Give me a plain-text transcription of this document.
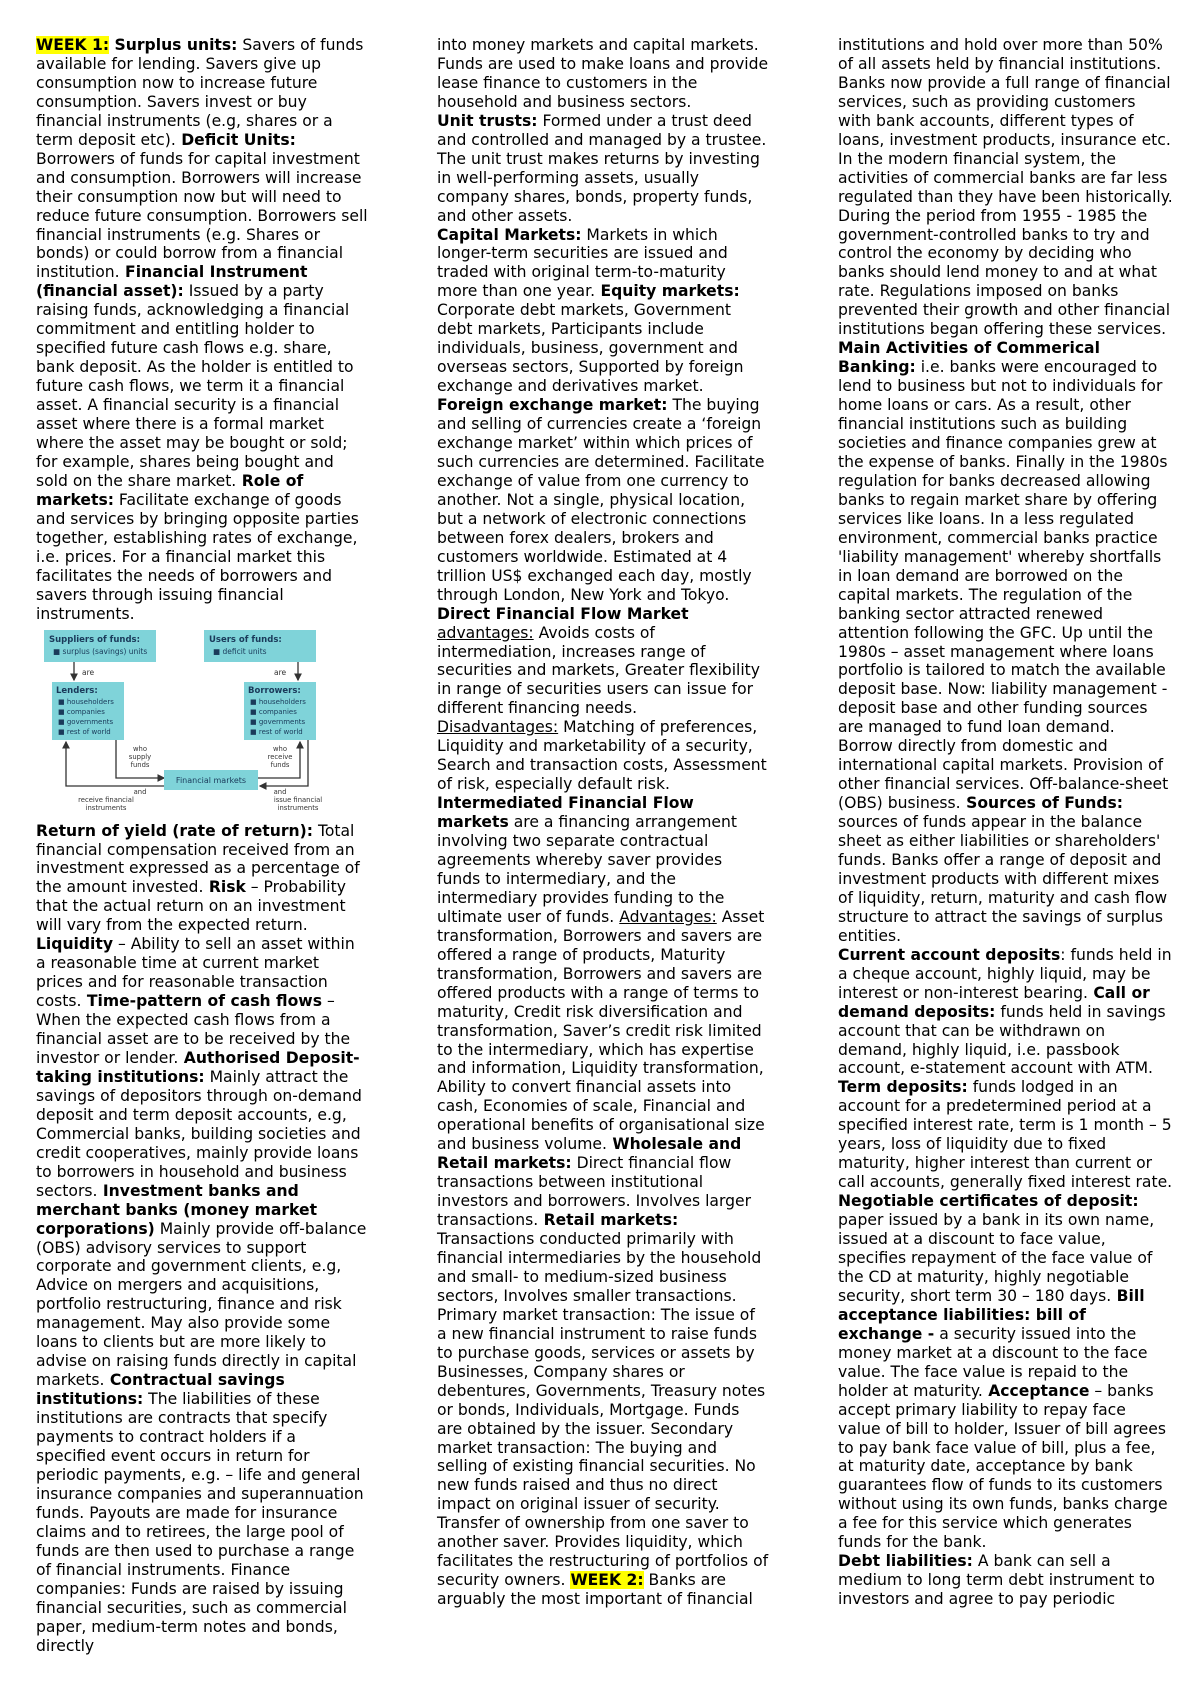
WEEK 1: Surplus units: Savers of funds available for lending. Savers give up consumption now to increase future consumption. Savers invest or buy financial instruments (e.g, shares or a term deposit etc). Deficit Units: Borrowers of funds for capital investment and consumption. Borrowers will increase their consumption now but will need to reduce future consumption. Borrowers sell financial instruments (e.g. Shares or bonds) or could borrow from a financial institution. Financial Instrument (financial asset): Issued by a party raising funds, acknowledging a financial commitment and entitling holder to specified future cash flows e.g. share, bank deposit. As the holder is entitled to future cash flows, we term it a financial asset. A financial security is a financial asset where there is a formal market where the asset may be bought or sold; for example, shares being bought and sold on the share market. Role of markets: Facilitate exchange of goods and services by bringing opposite parties together, establishing rates of exchange, i.e. prices. For a financial market this facilitates the needs of borrowers and savers through issuing financial instruments.

Suppliers of funds:
■ surplus (savings) units
Users of funds:
■ deficit units
are	are
Lenders:
■ householders
■ companies
■ governments
■ rest of world
Borrowers:
■ householders
■ companies
■ governments
■ rest of world
who supply funds
and
who receive funds
and
Financial markets
receive financial instruments
issue financial instruments

Return of yield (rate of return): Total financial compensation received from an investment expressed as a percentage of the amount invested. Risk – Probability that the actual return on an investment will vary from the expected return. Liquidity – Ability to sell an asset within a reasonable time at current market prices and for reasonable transaction costs. Time-pattern of cash flows – When the expected cash flows from a financial asset are to be received by the investor or lender. Authorised Deposit-taking institutions: Mainly attract the savings of depositors through on-demand deposit and term deposit accounts, e.g, Commercial banks, building societies and credit cooperatives, mainly provide loans to borrowers in household and business sectors. Investment banks and merchant banks (money market corporations) Mainly provide off-balance (OBS) advisory services to support corporate and government clients, e.g, Advice on mergers and acquisitions, portfolio restructuring, finance and risk management. May also provide some loans to clients but are more likely to advise on raising funds directly in capital markets. Contractual savings institutions: The liabilities of these institutions are contracts that specify payments to contract holders if a specified event occurs in return for periodic payments, e.g. – life and general insurance companies and superannuation funds. Payouts are made for insurance claims and to retirees, the large pool of funds are then used to purchase a range of financial instruments. Finance companies: Funds are raised by issuing financial securities, such as commercial paper, medium-term notes and bonds, directly

into money markets and capital markets. Funds are used to make loans and provide lease finance to customers in the household and business sectors.
Unit trusts: Formed under a trust deed and controlled and managed by a trustee. The unit trust makes returns by investing in well-performing assets, usually company shares, bonds, property funds, and other assets.
Capital Markets: Markets in which longer-term securities are issued and traded with original term-to-maturity more than one year. Equity markets: Corporate debt markets, Government debt markets, Participants include individuals, business, government and overseas sectors, Supported by foreign exchange and derivatives market.
Foreign exchange market: The buying and selling of currencies create a ‘foreign exchange market’ within which prices of such currencies are determined. Facilitate exchange of value from one currency to another. Not a single, physical location, but a network of electronic connections between forex dealers, brokers and customers worldwide. Estimated at 4 trillion US$ exchanged each day, mostly through London, New York and Tokyo.
Direct Financial Flow Market
advantages: Avoids costs of intermediation, increases range of securities and markets, Greater flexibility in range of securities users can issue for different financing needs.
Disadvantages: Matching of preferences, Liquidity and marketability of a security, Search and transaction costs, Assessment of risk, especially default risk. Intermediated Financial Flow markets are a financing arrangement involving two separate contractual agreements whereby saver provides funds to intermediary, and the intermediary provides funding to the ultimate user of funds. Advantages: Asset transformation, Borrowers and savers are offered a range of products, Maturity transformation, Borrowers and savers are offered products with a range of terms to maturity, Credit risk diversification and transformation, Saver’s credit risk limited to the intermediary, which has expertise and information, Liquidity transformation, Ability to convert financial assets into cash, Economies of scale, Financial and operational benefits of organisational size and business volume. Wholesale and Retail markets: Direct financial flow transactions between institutional investors and borrowers. Involves larger transactions. Retail markets: Transactions conducted primarily with financial intermediaries by the household and small- to medium-sized business sectors, Involves smaller transactions. Primary market transaction: The issue of a new financial instrument to raise funds to purchase goods, services or assets by Businesses, Company shares or debentures, Governments, Treasury notes or bonds, Individuals, Mortgage. Funds are obtained by the issuer. Secondary market transaction: The buying and selling of existing financial securities. No new funds raised and thus no direct impact on original issuer of security. Transfer of ownership from one saver to another saver. Provides liquidity, which facilitates the restructuring of portfolios of security owners. WEEK 2: Banks are arguably the most important of financial

institutions and hold over more than 50% of all assets held by financial institutions. Banks now provide a full range of financial services, such as providing customers with bank accounts, different types of loans, investment products, insurance etc. In the modern financial system, the activities of commercial banks are far less regulated than they have been historically. During the period from 1955 - 1985 the government-controlled banks to try and control the economy by deciding who banks should lend money to and at what rate. Regulations imposed on banks prevented their growth and other financial institutions began offering these services. Main Activities of Commerical Banking: i.e. banks were encouraged to lend to business but not to individuals for home loans or cars. As a result, other financial institutions such as building societies and finance companies grew at the expense of banks. Finally in the 1980s regulation for banks decreased allowing banks to regain market share by offering services like loans. In a less regulated environment, commercial banks practice 'liability management' whereby shortfalls in loan demand are borrowed on the capital markets. The regulation of the banking sector attracted renewed attention following the GFC. Up until the 1980s – asset management where loans portfolio is tailored to match the available deposit base. Now: liability management - deposit base and other funding sources are managed to fund loan demand. Borrow directly from domestic and international capital markets. Provision of other financial services. Off-balance-sheet (OBS) business. Sources of Funds: sources of funds appear in the balance sheet as either liabilities or shareholders' funds. Banks offer a range of deposit and investment products with different mixes of liquidity, return, maturity and cash flow structure to attract the savings of surplus entities.
Current account deposits: funds held in a cheque account, highly liquid, may be interest or non-interest bearing. Call or demand deposits: funds held in savings account that can be withdrawn on demand, highly liquid, i.e. passbook account, e-statement account with ATM.
Term deposits: funds lodged in an account for a predetermined period at a specified interest rate, term is 1 month – 5 years, loss of liquidity due to fixed maturity, higher interest than current or call accounts, generally fixed interest rate. Negotiable certificates of deposit: paper issued by a bank in its own name, issued at a discount to face value, specifies repayment of the face value of the CD at maturity, highly negotiable security, short term 30 – 180 days. Bill acceptance liabilities: bill of exchange - a security issued into the money market at a discount to the face value. The face value is repaid to the holder at maturity. Acceptance – banks accept primary liability to repay face value of bill to holder, Issuer of bill agrees to pay bank face value of bill, plus a fee, at maturity date, acceptance by bank guarantees flow of funds to its customers without using its own funds, banks charge a fee for this service which generates funds for the bank.
Debt liabilities: A bank can sell a medium to long term debt instrument to investors and agree to pay periodic
